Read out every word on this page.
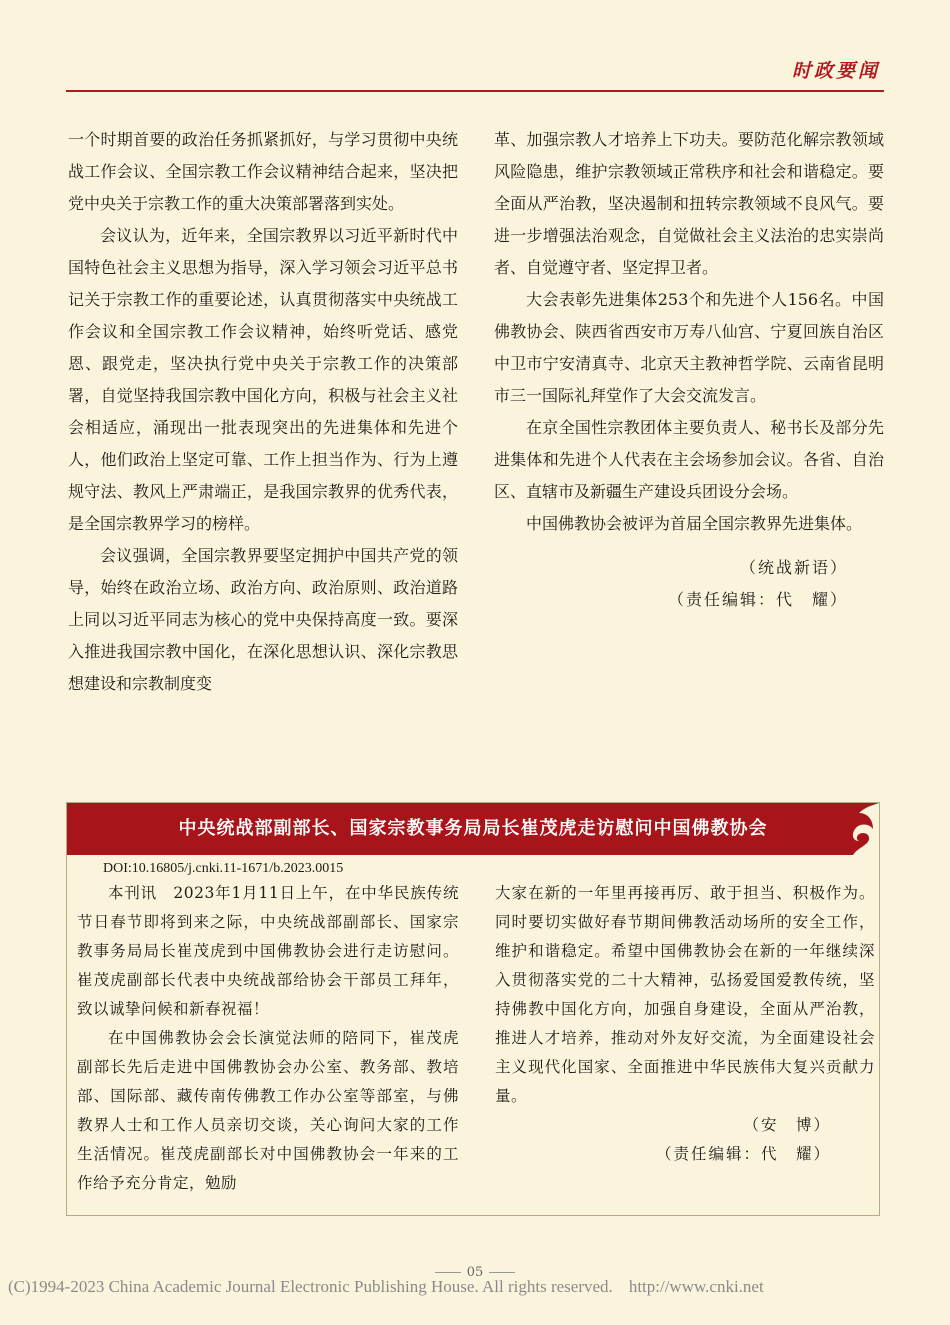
时政要闻

一个时期首要的政治任务抓紧抓好，与学习贯彻中央统战工作会议、全国宗教工作会议精神结合起来，坚决把党中央关于宗教工作的重大决策部署落到实处。

会议认为，近年来，全国宗教界以习近平新时代中国特色社会主义思想为指导，深入学习领会习近平总书记关于宗教工作的重要论述，认真贯彻落实中央统战工作会议和全国宗教工作会议精神，始终听党话、感党恩、跟党走，坚决执行党中央关于宗教工作的决策部署，自觉坚持我国宗教中国化方向，积极与社会主义社会相适应，涌现出一批表现突出的先进集体和先进个人，他们政治上坚定可靠、工作上担当作为、行为上遵规守法、教风上严肃端正，是我国宗教界的优秀代表，是全国宗教界学习的榜样。

会议强调，全国宗教界要坚定拥护中国共产党的领导，始终在政治立场、政治方向、政治原则、政治道路上同以习近平同志为核心的党中央保持高度一致。要深入推进我国宗教中国化，在深化思想认识、深化宗教思想建设和宗教制度变

革、加强宗教人才培养上下功夫。要防范化解宗教领域风险隐患，维护宗教领域正常秩序和社会和谐稳定。要全面从严治教，坚决遏制和扭转宗教领域不良风气。要进一步增强法治观念，自觉做社会主义法治的忠实崇尚者、自觉遵守者、坚定捍卫者。

大会表彰先进集体253个和先进个人156名。中国佛教协会、陕西省西安市万寿八仙宫、宁夏回族自治区中卫市宁安清真寺、北京天主教神哲学院、云南省昆明市三一国际礼拜堂作了大会交流发言。

在京全国性宗教团体主要负责人、秘书长及部分先进集体和先进个人代表在主会场参加会议。各省、自治区、直辖市及新疆生产建设兵团设分会场。

中国佛教协会被评为首届全国宗教界先进集体。

（统战新语）

（责任编辑：代　耀）

中央统战部副部长、国家宗教事务局局长崔茂虎走访慰问中国佛教协会
DOI:10.16805/j.cnki.11-1671/b.2023.0015

本刊讯　2023年1月11日上午，在中华民族传统节日春节即将到来之际，中央统战部副部长、国家宗教事务局局长崔茂虎到中国佛教协会进行走访慰问。崔茂虎副部长代表中央统战部给协会干部员工拜年，致以诚挚问候和新春祝福！

在中国佛教协会会长演觉法师的陪同下，崔茂虎副部长先后走进中国佛教协会办公室、教务部、教培部、国际部、藏传南传佛教工作办公室等部室，与佛教界人士和工作人员亲切交谈，关心询问大家的工作生活情况。崔茂虎副部长对中国佛教协会一年来的工作给予充分肯定，勉励

大家在新的一年里再接再厉、敢于担当、积极作为。同时要切实做好春节期间佛教活动场所的安全工作，维护和谐稳定。希望中国佛教协会在新的一年继续深入贯彻落实党的二十大精神，弘扬爱国爱教传统，坚持佛教中国化方向，加强自身建设，全面从严治教，推进人才培养，推动对外友好交流，为全面建设社会主义现代化国家、全面推进中华民族伟大复兴贡献力量。

（安　博）

（责任编辑：代　耀）

05
(C)1994-2023 China Academic Journal Electronic Publishing House. All rights reserved. http://www.cnki.net
